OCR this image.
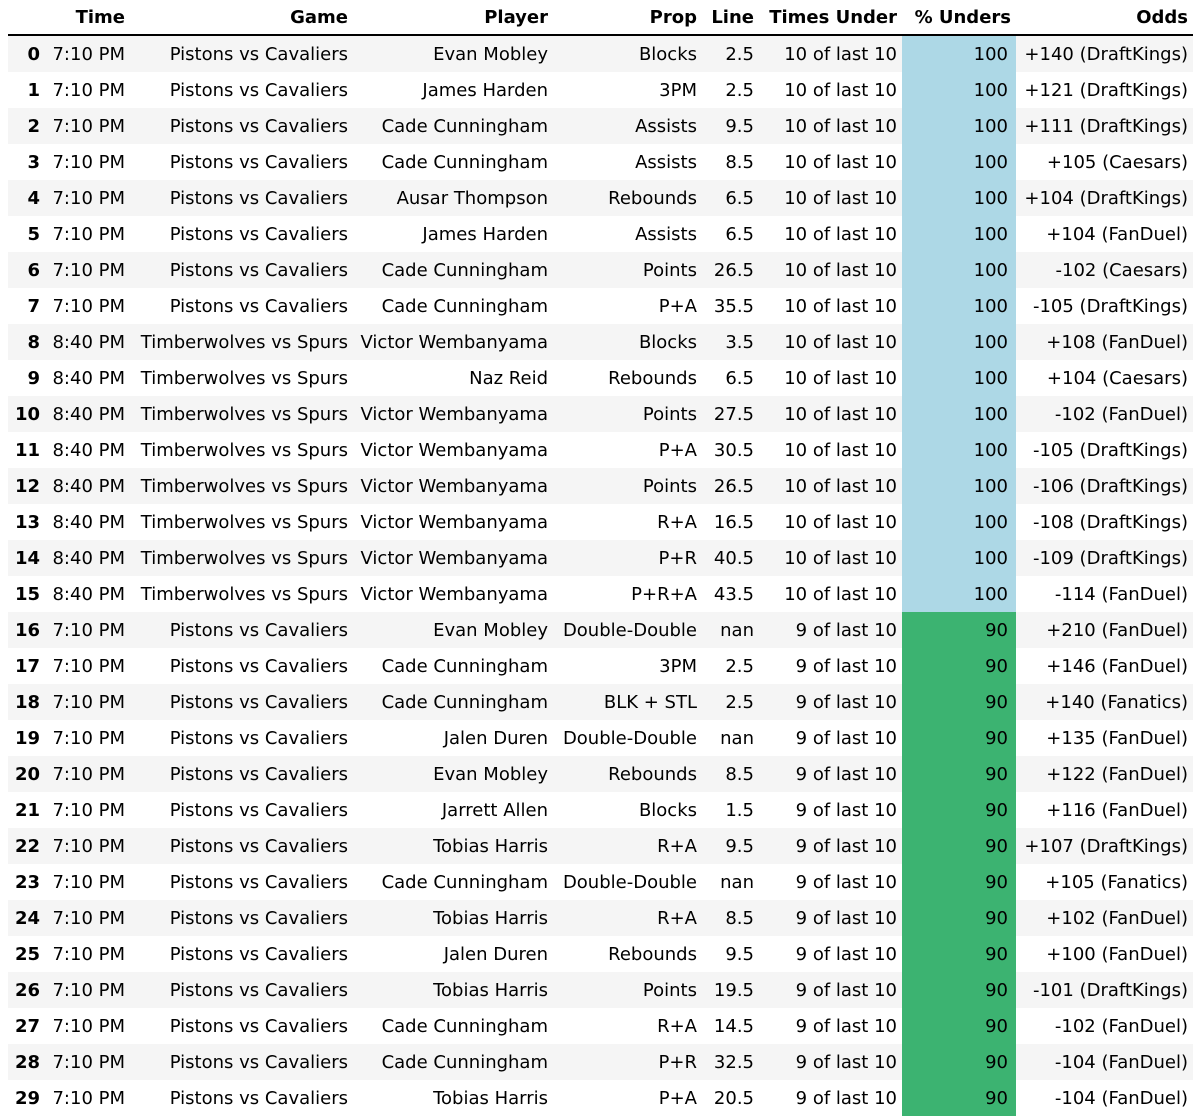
	Time	Game	Player	Prop	Line	Times Under	% Unders	Odds
0	7:10 PM	Pistons vs Cavaliers	Evan Mobley	Blocks	2.5	10 of last 10	100	+140 (DraftKings)
1	7:10 PM	Pistons vs Cavaliers	James Harden	3PM	2.5	10 of last 10	100	+121 (DraftKings)
2	7:10 PM	Pistons vs Cavaliers	Cade Cunningham	Assists	9.5	10 of last 10	100	+111 (DraftKings)
3	7:10 PM	Pistons vs Cavaliers	Cade Cunningham	Assists	8.5	10 of last 10	100	+105 (Caesars)
4	7:10 PM	Pistons vs Cavaliers	Ausar Thompson	Rebounds	6.5	10 of last 10	100	+104 (DraftKings)
5	7:10 PM	Pistons vs Cavaliers	James Harden	Assists	6.5	10 of last 10	100	+104 (FanDuel)
6	7:10 PM	Pistons vs Cavaliers	Cade Cunningham	Points	26.5	10 of last 10	100	-102 (Caesars)
7	7:10 PM	Pistons vs Cavaliers	Cade Cunningham	P+A	35.5	10 of last 10	100	-105 (DraftKings)
8	8:40 PM	Timberwolves vs Spurs	Victor Wembanyama	Blocks	3.5	10 of last 10	100	+108 (FanDuel)
9	8:40 PM	Timberwolves vs Spurs	Naz Reid	Rebounds	6.5	10 of last 10	100	+104 (Caesars)
10	8:40 PM	Timberwolves vs Spurs	Victor Wembanyama	Points	27.5	10 of last 10	100	-102 (FanDuel)
11	8:40 PM	Timberwolves vs Spurs	Victor Wembanyama	P+A	30.5	10 of last 10	100	-105 (DraftKings)
12	8:40 PM	Timberwolves vs Spurs	Victor Wembanyama	Points	26.5	10 of last 10	100	-106 (DraftKings)
13	8:40 PM	Timberwolves vs Spurs	Victor Wembanyama	R+A	16.5	10 of last 10	100	-108 (DraftKings)
14	8:40 PM	Timberwolves vs Spurs	Victor Wembanyama	P+R	40.5	10 of last 10	100	-109 (DraftKings)
15	8:40 PM	Timberwolves vs Spurs	Victor Wembanyama	P+R+A	43.5	10 of last 10	100	-114 (FanDuel)
16	7:10 PM	Pistons vs Cavaliers	Evan Mobley	Double-Double	nan	9 of last 10	90	+210 (FanDuel)
17	7:10 PM	Pistons vs Cavaliers	Cade Cunningham	3PM	2.5	9 of last 10	90	+146 (FanDuel)
18	7:10 PM	Pistons vs Cavaliers	Cade Cunningham	BLK + STL	2.5	9 of last 10	90	+140 (Fanatics)
19	7:10 PM	Pistons vs Cavaliers	Jalen Duren	Double-Double	nan	9 of last 10	90	+135 (FanDuel)
20	7:10 PM	Pistons vs Cavaliers	Evan Mobley	Rebounds	8.5	9 of last 10	90	+122 (FanDuel)
21	7:10 PM	Pistons vs Cavaliers	Jarrett Allen	Blocks	1.5	9 of last 10	90	+116 (FanDuel)
22	7:10 PM	Pistons vs Cavaliers	Tobias Harris	R+A	9.5	9 of last 10	90	+107 (DraftKings)
23	7:10 PM	Pistons vs Cavaliers	Cade Cunningham	Double-Double	nan	9 of last 10	90	+105 (Fanatics)
24	7:10 PM	Pistons vs Cavaliers	Tobias Harris	R+A	8.5	9 of last 10	90	+102 (FanDuel)
25	7:10 PM	Pistons vs Cavaliers	Jalen Duren	Rebounds	9.5	9 of last 10	90	+100 (FanDuel)
26	7:10 PM	Pistons vs Cavaliers	Tobias Harris	Points	19.5	9 of last 10	90	-101 (DraftKings)
27	7:10 PM	Pistons vs Cavaliers	Cade Cunningham	R+A	14.5	9 of last 10	90	-102 (FanDuel)
28	7:10 PM	Pistons vs Cavaliers	Cade Cunningham	P+R	32.5	9 of last 10	90	-104 (FanDuel)
29	7:10 PM	Pistons vs Cavaliers	Tobias Harris	P+A	20.5	9 of last 10	90	-104 (FanDuel)
